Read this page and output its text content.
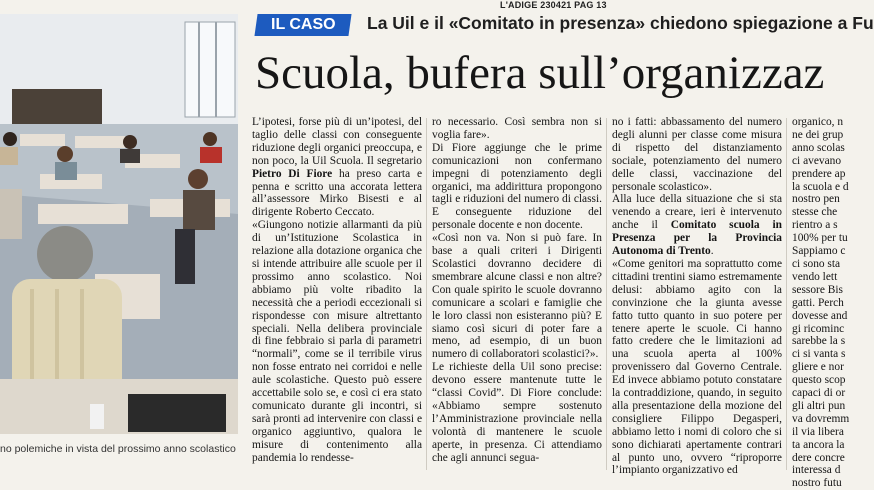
L'ADIGE 230421 PAG 13
IL CASO La Uil e il «Comitato in presenza» chiedono spiegazione a Fu
Scuola, bufera sull’organizzaz
no polemiche in vista del prossimo anno scolastico

L’ipotesi, forse più di un’ipotesi, del taglio delle classi con conseguente riduzione degli organici preoccupa, e non poco, la Uil Scuola. Il segretario Pietro Di Fiore ha preso carta e penna e scritto una accorata lettera all’assessore Mirko Bisesti e al dirigente Roberto Ceccato.

«Giungono notizie allarmanti da più di un’Istituzione Scolastica in relazione alla dotazione organica che si intende attribuire alle scuole per il prossimo anno scolastico. Noi abbiamo più volte ribadito la necessità che a periodi eccezionali si rispondesse con misure altrettanto speciali. Nella delibera provinciale di fine febbraio si parla di parametri “normali”, come se il terribile virus non fosse entrato nei corridoi e nelle aule scolastiche. Questo può essere accettabile solo se, e così ci era stato comunicato durante gli incontri, si sarà pronti ad intervenire con classi e organico aggiuntivo, qualora le misure di contenimento alla pandemia lo rendesse-

ro necessario. Così sembra non si voglia fare».

Di Fiore aggiunge che le prime comunicazioni non confermano impegni di potenziamento degli organici, ma addirittura propongono tagli e riduzioni del numero di classi. E conseguente riduzione del personale docente e non docente.

«Così non va. Non si può fare. In base a quali criteri i Dirigenti Scolastici dovranno decidere di smembrare alcune classi e non altre? Con quale spirito le scuole dovranno comunicare a scolari e famiglie che le loro classi non esisteranno più? E siamo così sicuri di poter fare a meno, ad esempio, di un buon numero di collaboratori scolastici?».

Le richieste della Uil sono precise: devono essere mantenute tutte le “classi Covid”. Di Fiore conclude: «Abbiamo sempre sostenuto l’Amministrazione provinciale nella volontà di mantenere le scuole aperte, in presenza. Ci attendiamo che agli annunci segua-

no i fatti: abbassamento del numero degli alunni per classe come misura di rispetto del distanziamento sociale, potenziamento del numero delle classi, vaccinazione del personale scolastico».

Alla luce della situazione che si sta venendo a creare, ieri è intervenuto anche il Comitato scuola in Presenza per la Provincia Autonoma di Trento.

«Come genitori ma soprattutto come cittadini trentini siamo estremamente delusi: abbiamo agito con la convinzione che la giunta avesse fatto tutto quanto in suo potere per tenere aperte le scuole. Ci hanno fatto credere che le limitazioni ad una scuola aperta al 100% provenissero dal Governo Centrale. Ed invece abbiamo potuto constatare la contraddizione, quando, in seguito alla presentazione della mozione del consigliere Filippo Degasperi, abbiamo letto i nomi di coloro che si sono dichiarati apertamente contrari al punto uno, ovvero “riproporre l’impianto organizzativo ed

organico, n

ne dei grup

anno scolas

ci avevano

prendere ap

la scuola e d

nostro pen

stesse che

rientro a s

100% per tu

Sappiamo c

ci sono sta

vendo lett

sessore Bis

gatti. Perch

dovesse and

gi ricominc

sarebbe la s

ci si vanta s

gliere e nor

questo scop

capaci di or

gli altri pun

va dovremm

il via libera

ta ancora la

dere concre

interessa d

nostro futu
